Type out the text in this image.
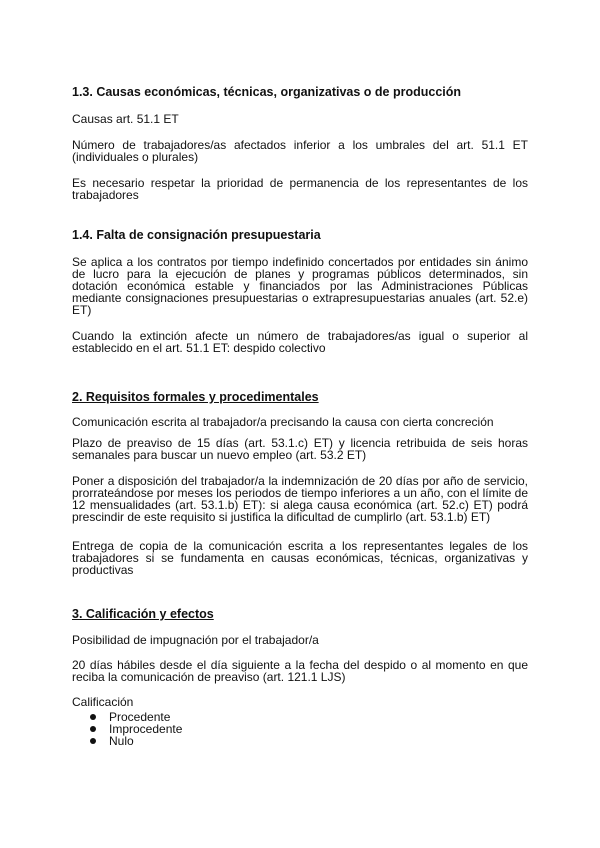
1.3. Causas económicas, técnicas, organizativas o de producción

Causas art. 51.1 ET

Número de trabajadores/as afectados inferior a los umbrales del art. 51.1 ET (individuales o plurales)

Es necesario respetar la prioridad de permanencia de los representantes de los trabajadores

1.4. Falta de consignación presupuestaria

Se aplica a los contratos por tiempo indefinido concertados por entidades sin ánimo de lucro para la ejecución de planes y programas públicos determinados, sin dotación económica estable y financiados por las Administraciones Públicas mediante consignaciones presupuestarias o extrapresupuestarias anuales (art. 52.e) ET)

Cuando la extinción afecte un número de trabajadores/as igual o superior al establecido en el art. 51.1 ET: despido colectivo

2. Requisitos formales y procedimentales

Comunicación escrita al trabajador/a precisando la causa con cierta concreción

Plazo de preaviso de 15 días (art. 53.1.c) ET) y licencia retribuida de seis horas semanales para buscar un nuevo empleo (art. 53.2 ET)

Poner a disposición del trabajador/a la indemnización de 20 días por año de servicio, prorrateándose por meses los periodos de tiempo inferiores a un año, con el límite de 12 mensualidades (art. 53.1.b) ET): si alega causa económica (art. 52.c) ET) podrá prescindir de este requisito si justifica la dificultad de cumplirlo (art. 53.1.b) ET)

Entrega de copia de la comunicación escrita a los representantes legales de los trabajadores si se fundamenta en causas económicas, técnicas, organizativas y productivas

3. Calificación y efectos

Posibilidad de impugnación por el trabajador/a

20 días hábiles desde el día siguiente a la fecha del despido o al momento en que reciba la comunicación de preaviso (art. 121.1 LJS)

Calificación

Procedente
Improcedente
Nulo
